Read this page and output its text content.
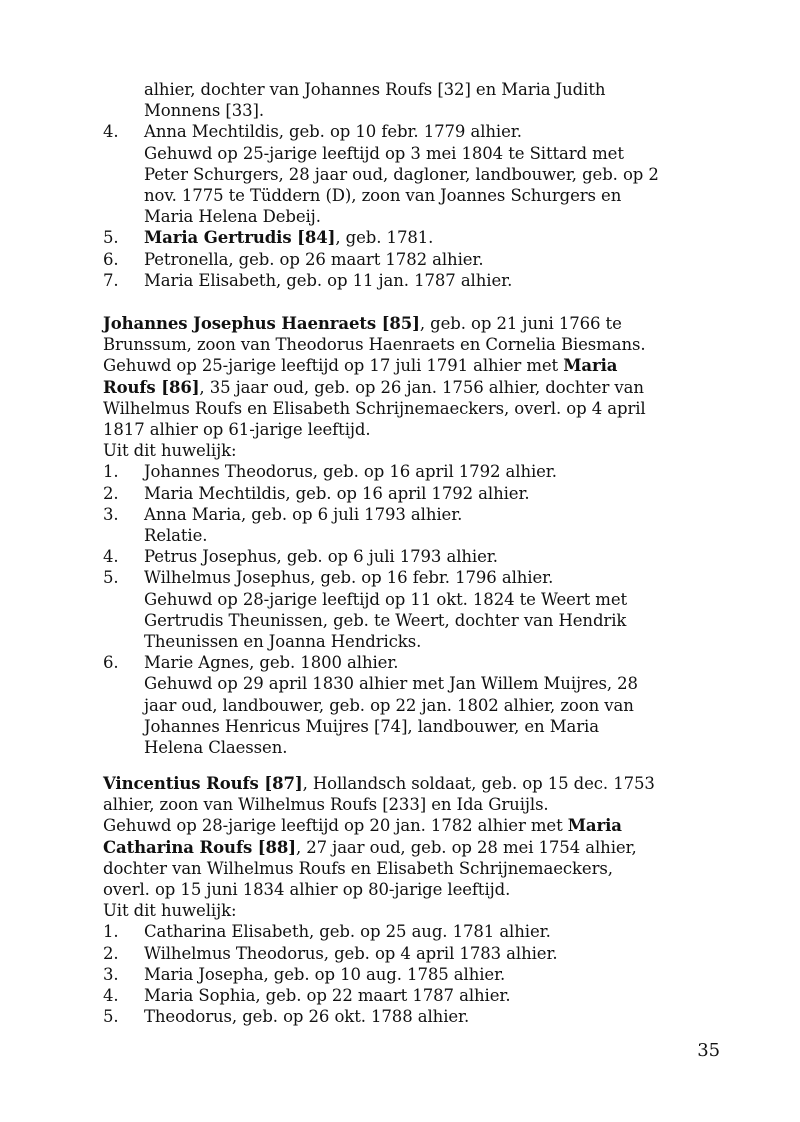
alhier, dochter van Johannes Roufs [32] en Maria Judith
Monnens [33].
4.	Anna Mechtildis, geb. op 10 febr. 1779 alhier.
Gehuwd op 25-jarige leeftijd op 3 mei 1804 te Sittard met
Peter Schurgers, 28 jaar oud, dagloner, landbouwer, geb. op 2
nov. 1775 te Tüddern (D), zoon van Joannes Schurgers en
Maria Helena Debeij.
5.	Maria Gertrudis [84], geb. 1781.
6.	Petronella, geb. op 26 maart 1782 alhier.
7.	Maria Elisabeth, geb. op 11 jan. 1787 alhier.
Johannes Josephus Haenraets [85], geb. op 21 juni 1766 te
Brunssum, zoon van Theodorus Haenraets en Cornelia Biesmans.
Gehuwd op 25-jarige leeftijd op 17 juli 1791 alhier met Maria
Roufs [86], 35 jaar oud, geb. op 26 jan. 1756 alhier, dochter van
Wilhelmus Roufs en Elisabeth Schrijnemaeckers, overl. op 4 april
1817 alhier op 61-jarige leeftijd.
Uit dit huwelijk:
1.	Johannes Theodorus, geb. op 16 april 1792 alhier.
2.	Maria Mechtildis, geb. op 16 april 1792 alhier.
3.	Anna Maria, geb. op 6 juli 1793 alhier.
Relatie.
4.	Petrus Josephus, geb. op 6 juli 1793 alhier.
5.	Wilhelmus Josephus, geb. op 16 febr. 1796 alhier.
Gehuwd op 28-jarige leeftijd op 11 okt. 1824 te Weert met
Gertrudis Theunissen, geb. te Weert, dochter van Hendrik
Theunissen en Joanna Hendricks.
6.	Marie Agnes, geb. 1800 alhier.
Gehuwd op 29 april 1830 alhier met Jan Willem Muijres, 28
jaar oud, landbouwer, geb. op 22 jan. 1802 alhier, zoon van
Johannes Henricus Muijres [74], landbouwer, en Maria
Helena Claessen.
Vincentius Roufs [87], Hollandsch soldaat, geb. op 15 dec. 1753
alhier, zoon van Wilhelmus Roufs [233] en Ida Gruijls.
Gehuwd op 28-jarige leeftijd op 20 jan. 1782 alhier met Maria
Catharina Roufs [88], 27 jaar oud, geb. op 28 mei 1754 alhier,
dochter van Wilhelmus Roufs en Elisabeth Schrijnemaeckers,
overl. op 15 juni 1834 alhier op 80-jarige leeftijd.
Uit dit huwelijk:
1.	Catharina Elisabeth, geb. op 25 aug. 1781 alhier.
2.	Wilhelmus Theodorus, geb. op 4 april 1783 alhier.
3.	Maria Josepha, geb. op 10 aug. 1785 alhier.
4.	Maria Sophia, geb. op 22 maart 1787 alhier.
5.	Theodorus, geb. op 26 okt. 1788 alhier.
35
